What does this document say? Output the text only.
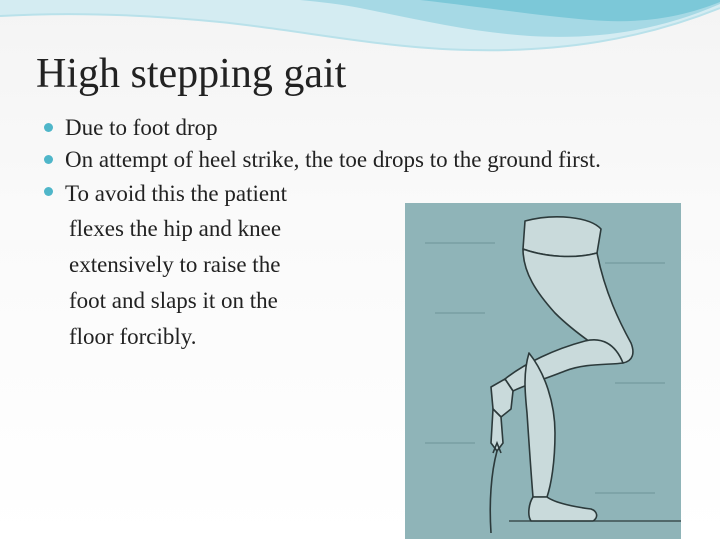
High stepping gait
Due to foot drop
On attempt of heel strike, the toe drops to the ground first.
To avoid this the patient
flexes the hip and knee
extensively to raise the
foot and slaps it on the
floor forcibly.
